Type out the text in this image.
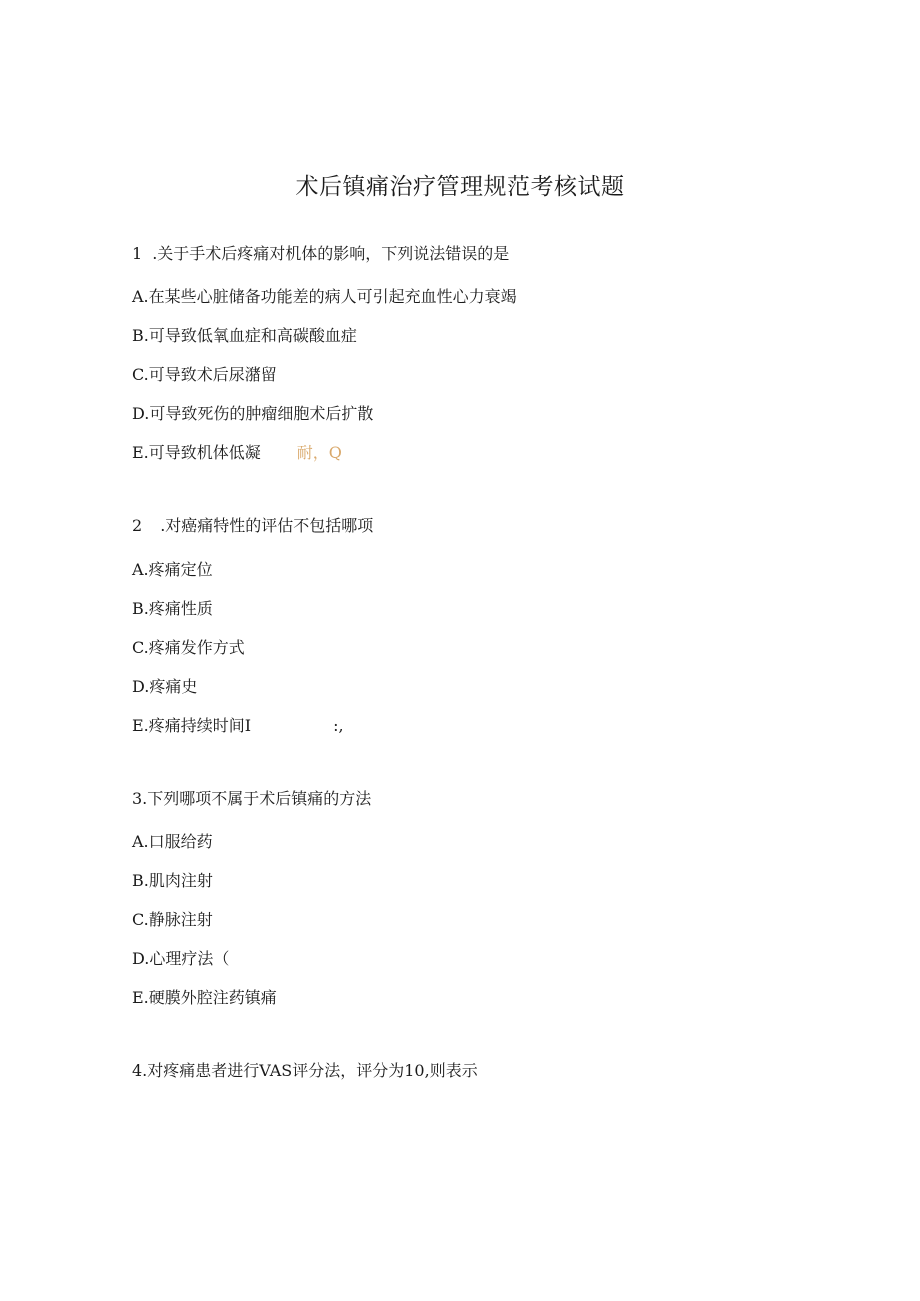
术后镇痛治疗管理规范考核试题
1 .关于手术后疼痛对机体的影响，下列说法错误的是
A.在某些心脏储备功能差的病人可引起充血性心力衰竭
B.可导致低氧血症和高碳酸血症
C.可导致术后尿潴留
D.可导致死伤的肿瘤细胞术后扩散
E.可导致机体低凝 耐，Q
2 .对癌痛特性的评估不包括哪项
A.疼痛定位
B.疼痛性质
C.疼痛发作方式
D.疼痛史
E.疼痛持续时间I	:,
3.下列哪项不属于术后镇痛的方法
A.口服给药
B.肌肉注射
C.静脉注射
D.心理疗法（
E.硬膜外腔注药镇痛
4.对疼痛患者进行VAS评分法，评分为10,则表示
